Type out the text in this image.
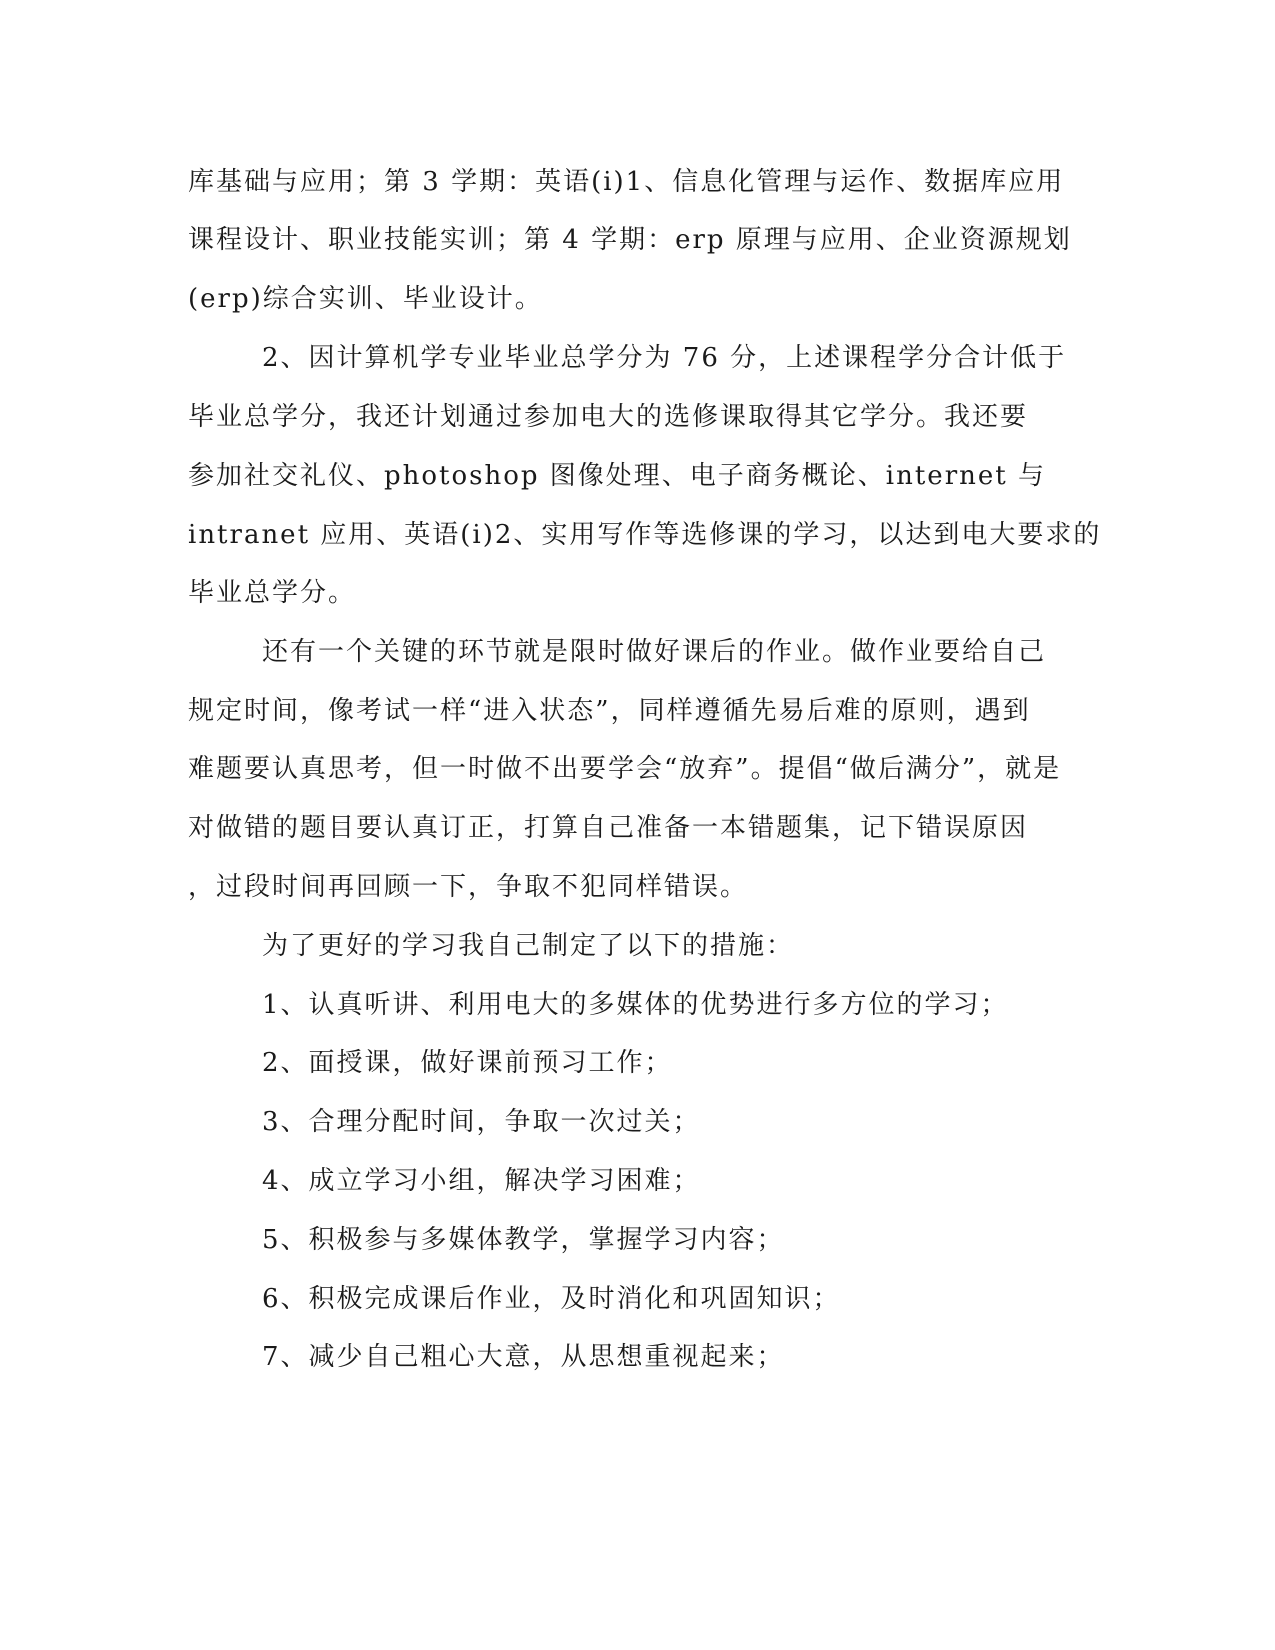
库基础与应用；第 3 学期：英语(i)1、信息化管理与运作、数据库应用
课程设计、职业技能实训；第 4 学期：erp 原理与应用、企业资源规划
(erp)综合实训、毕业设计。
2、因计算机学专业毕业总学分为 76 分，上述课程学分合计低于
毕业总学分，我还计划通过参加电大的选修课取得其它学分。我还要
参加社交礼仪、photoshop 图像处理、电子商务概论、internet 与
intranet 应用、英语(i)2、实用写作等选修课的学习，以达到电大要求的
毕业总学分。
还有一个关键的环节就是限时做好课后的作业。做作业要给自己
规定时间，像考试一样“进入状态”，同样遵循先易后难的原则，遇到
难题要认真思考，但一时做不出要学会“放弃”。提倡“做后满分”，就是
对做错的题目要认真订正，打算自己准备一本错题集，记下错误原因
，过段时间再回顾一下，争取不犯同样错误。
为了更好的学习我自己制定了以下的措施：
1、认真听讲、利用电大的多媒体的优势进行多方位的学习；
2、面授课，做好课前预习工作；
3、合理分配时间，争取一次过关；
4、成立学习小组，解决学习困难；
5、积极参与多媒体教学，掌握学习内容；
6、积极完成课后作业，及时消化和巩固知识；
7、减少自己粗心大意，从思想重视起来；
